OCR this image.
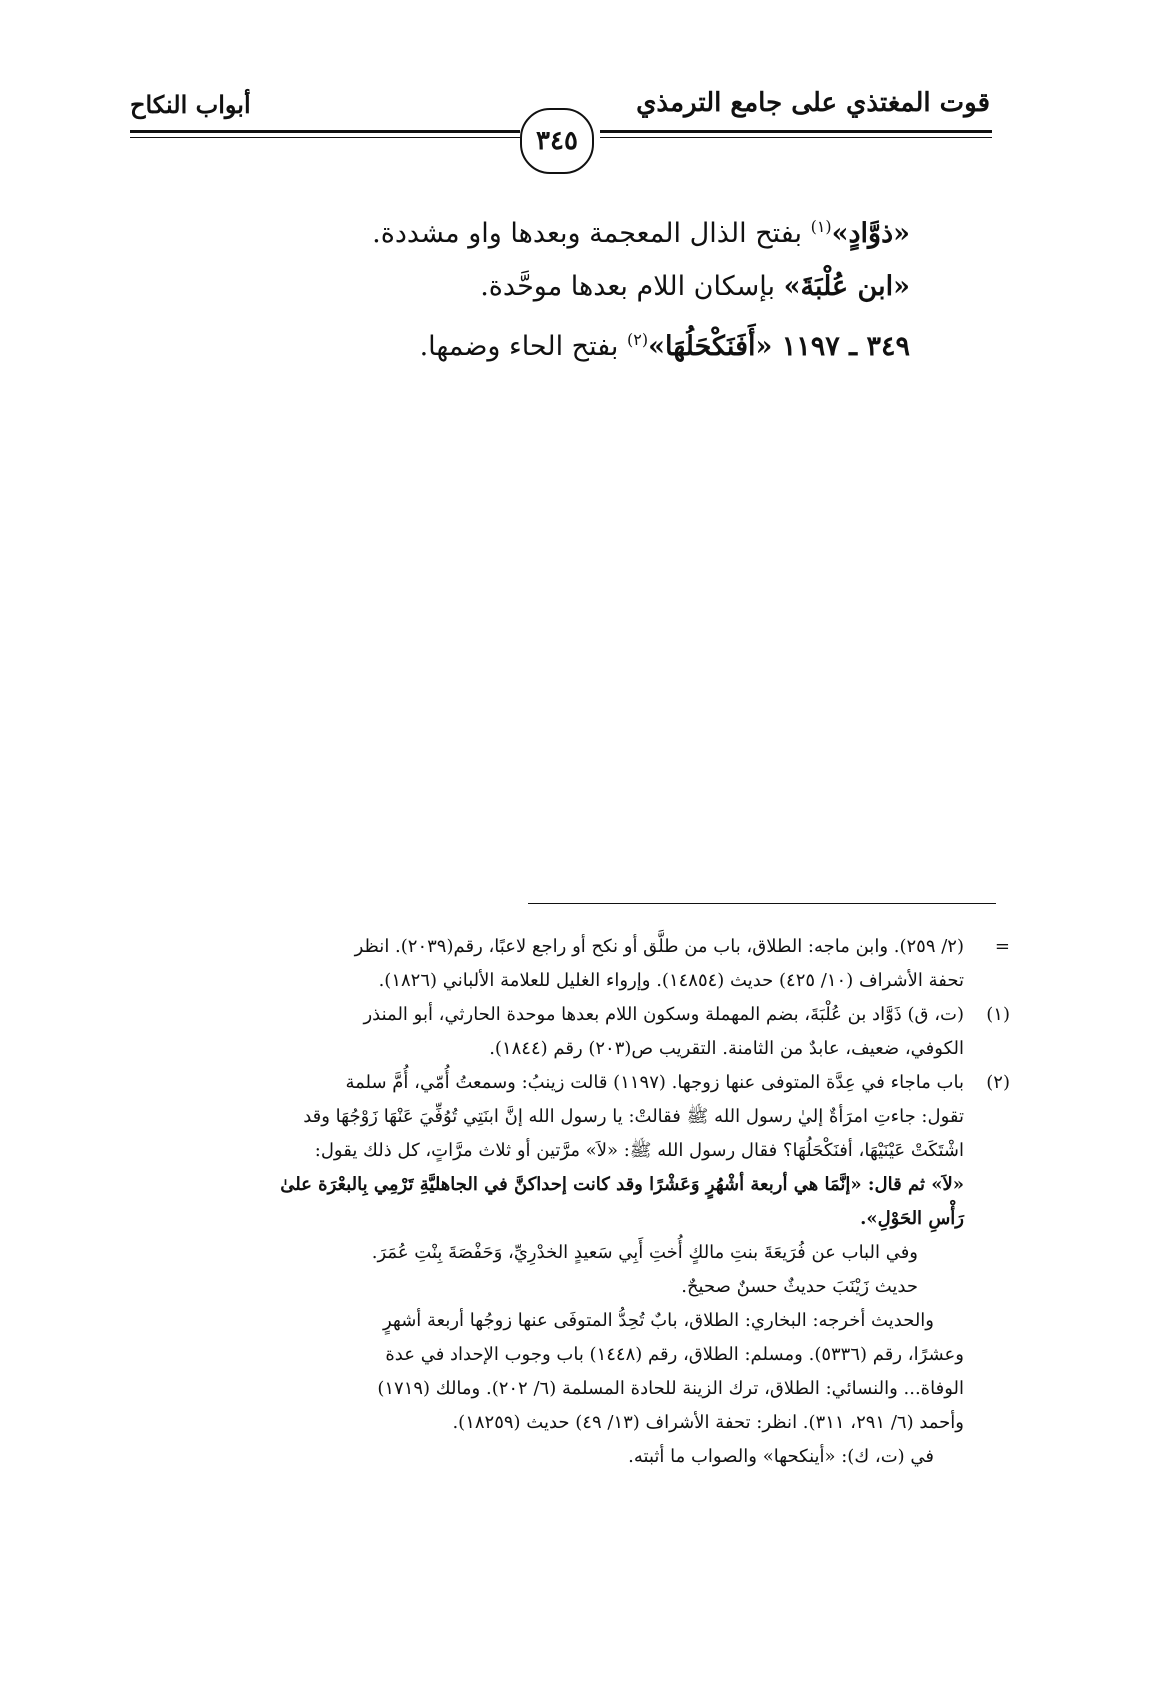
قوت المغتذي على جامع الترمذي
أبواب النكاح
٣٤٥

«ذوَّادٍ»$^{(١)}$ بفتح الذال المعجمة وبعدها واو مشددة.

«ابن عُلْبَةَ» بإسكان اللام بعدها موحَّدة.

٣٤٩ ـ ١١٩٧ «أَفَنَكْحَلُهَا»$^{(٢)}$ بفتح الحاء وضمها.

=

(٢/ ٢٥٩). وابن ماجه: الطلاق، باب من طلَّق أو نكح أو راجع لاعبًا، رقم(٢٠٣٩). انظر

تحفة الأشراف (١٠/ ٤٢٥) حديث (١٤٨٥٤). وإرواء الغليل للعلامة الألباني (١٨٢٦).

(١)

(ت، ق) ذَوَّاد بن عُلْبَةَ، بضم المهملة وسكون اللام بعدها موحدة الحارثي، أبو المنذر

الكوفي، ضعيف، عابدٌ من الثامنة. التقريب ص(٢٠٣) رقم (١٨٤٤).

(٢)

باب ماجاء في عِدَّة المتوفى عنها زوجها. (١١٩٧) قالت زينبُ: وسمعتُ أُمّي، أُمَّ سلمة

تقول: جاءتِ امرَأةٌ إليٰ رسول الله ﷺ فقالتْ: يا رسول الله إنَّ ابنَتِي تُوُفِّيَ عَنْهَا زَوْجُهَا وقد

اشْتَكَتْ عَيْنَيْهَا، أفنَكْحَلُهَا؟ فقال رسول الله ﷺ: «لاَ» مرَّتين أو ثلاث مرَّاتٍ، كل ذلك يقول:

«لاَ» ثم قال: «إنَّمَا هي أربعة أشْهُرٍ وَعَشْرًا وقد كانت إحداكنَّ في الجاهليَّةِ تَرْمِي بِالبعْرَة علىٰ

رَأْسِ الحَوْلِ».

وفي الباب عن فُرَيعَةَ بنتِ مالكٍ أُختِ أَبِي سَعيدٍ الخدْرِيِّ، وَحَفْصَةَ بِنْتِ عُمَرَ.

حديث زَيْنَبَ حديثٌ حسنٌ صحيحٌ.

والحديث أخرجه: البخاري: الطلاق، بابٌ تُحِدُّ المتوفَى عنها زوجُها أربعة أشهرٍ

وعشرًا، رقم (٥٣٣٦). ومسلم: الطلاق، رقم (١٤٤٨) باب وجوب الإحداد في عدة

الوفاة... والنسائي: الطلاق، ترك الزينة للحادة المسلمة (٦/ ٢٠٢). ومالك (١٧١٩)

وأحمد (٦/ ٢٩١، ٣١١). انظر: تحفة الأشراف (١٣/ ٤٩) حديث (١٨٢٥٩).

في (ت، ك): «أينكحها» والصواب ما أثبته.
